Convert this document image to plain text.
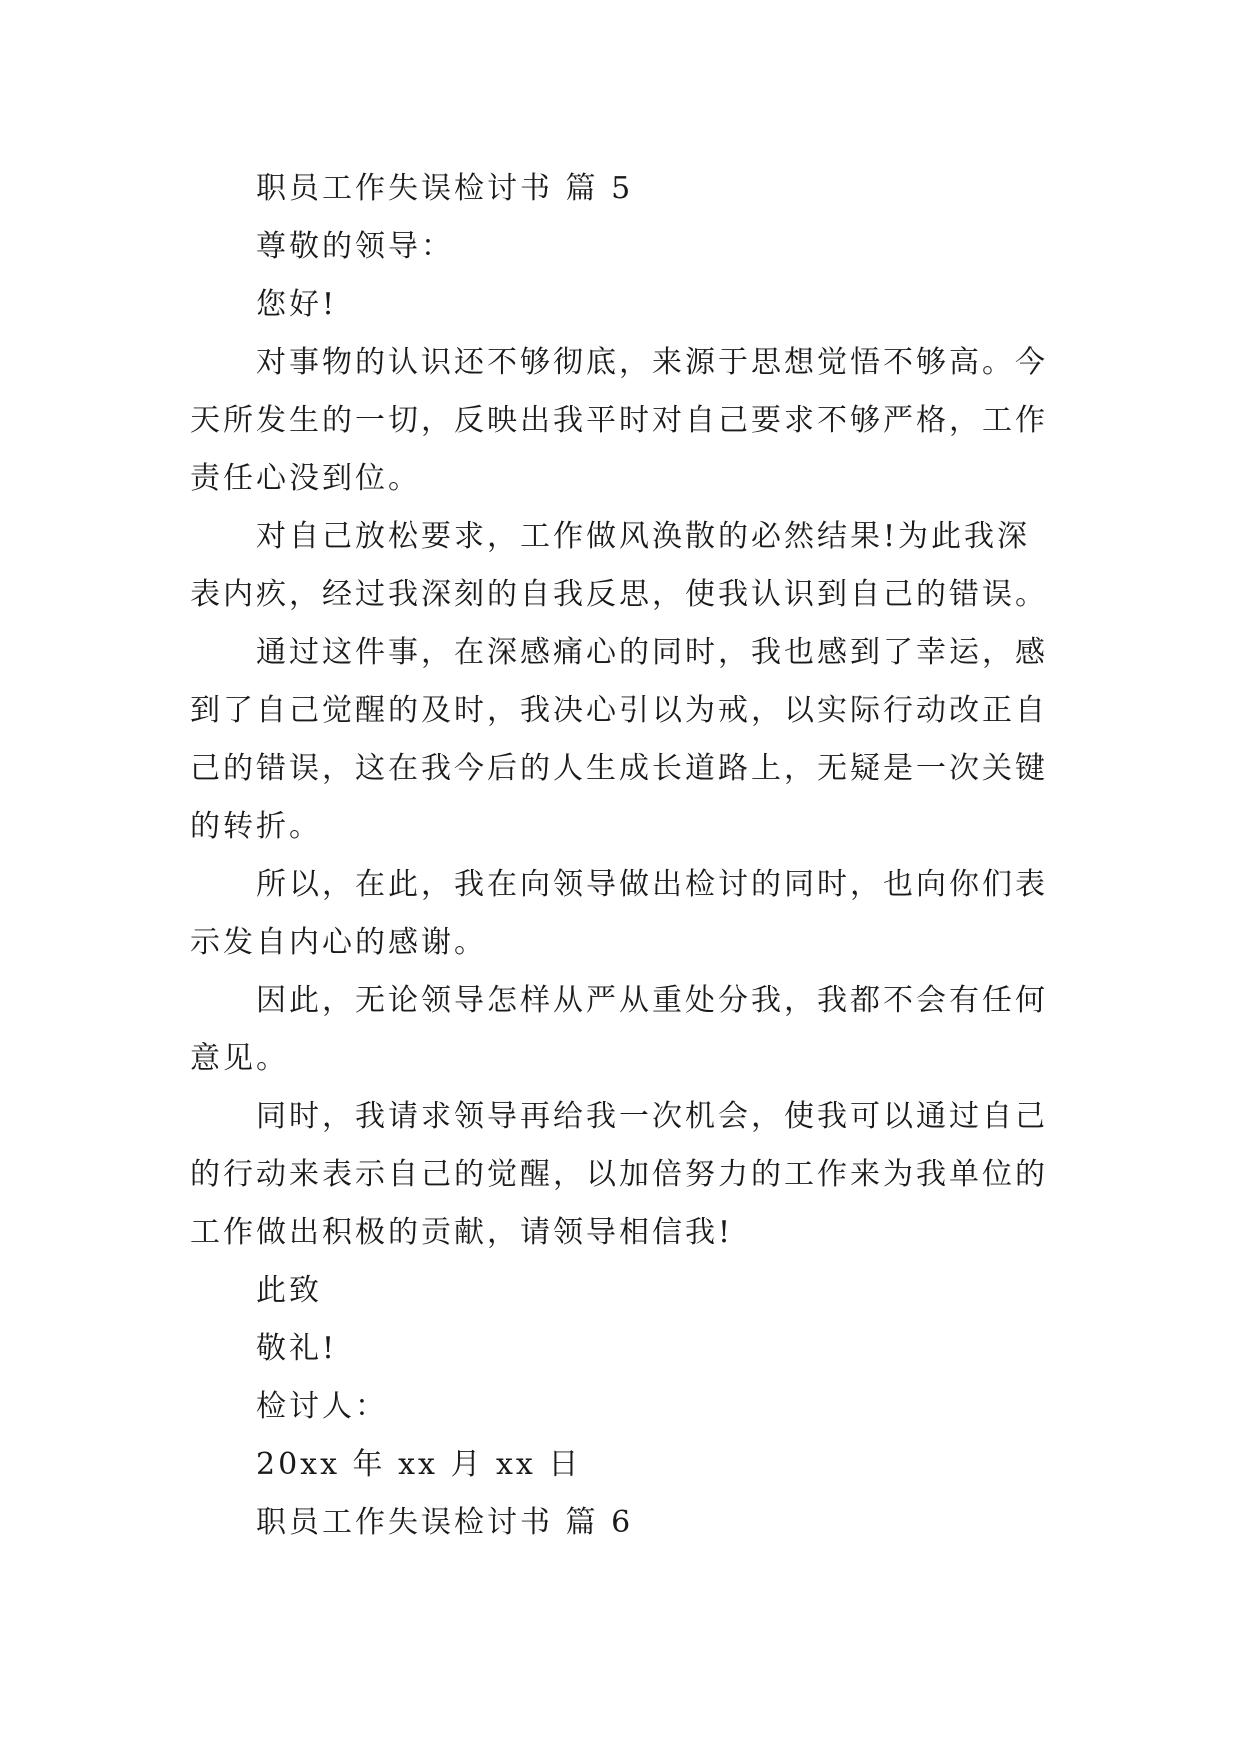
职员工作失误检讨书 篇 5
尊敬的领导：
您好!
对事物的认识还不够彻底，来源于思想觉悟不够高。今
天所发生的一切，反映出我平时对自己要求不够严格，工作
责任心没到位。
对自己放松要求，工作做风涣散的必然结果!为此我深
表内疚，经过我深刻的自我反思，使我认识到自己的错误。
通过这件事，在深感痛心的同时，我也感到了幸运，感
到了自己觉醒的及时，我决心引以为戒，以实际行动改正自
己的错误，这在我今后的人生成长道路上，无疑是一次关键
的转折。
所以，在此，我在向领导做出检讨的同时，也向你们表
示发自内心的感谢。
因此，无论领导怎样从严从重处分我，我都不会有任何
意见。
同时，我请求领导再给我一次机会，使我可以通过自己
的行动来表示自己的觉醒，以加倍努力的工作来为我单位的
工作做出积极的贡献，请领导相信我!
此致
敬礼!
检讨人：
20xx 年 xx 月 xx 日
职员工作失误检讨书 篇 6
